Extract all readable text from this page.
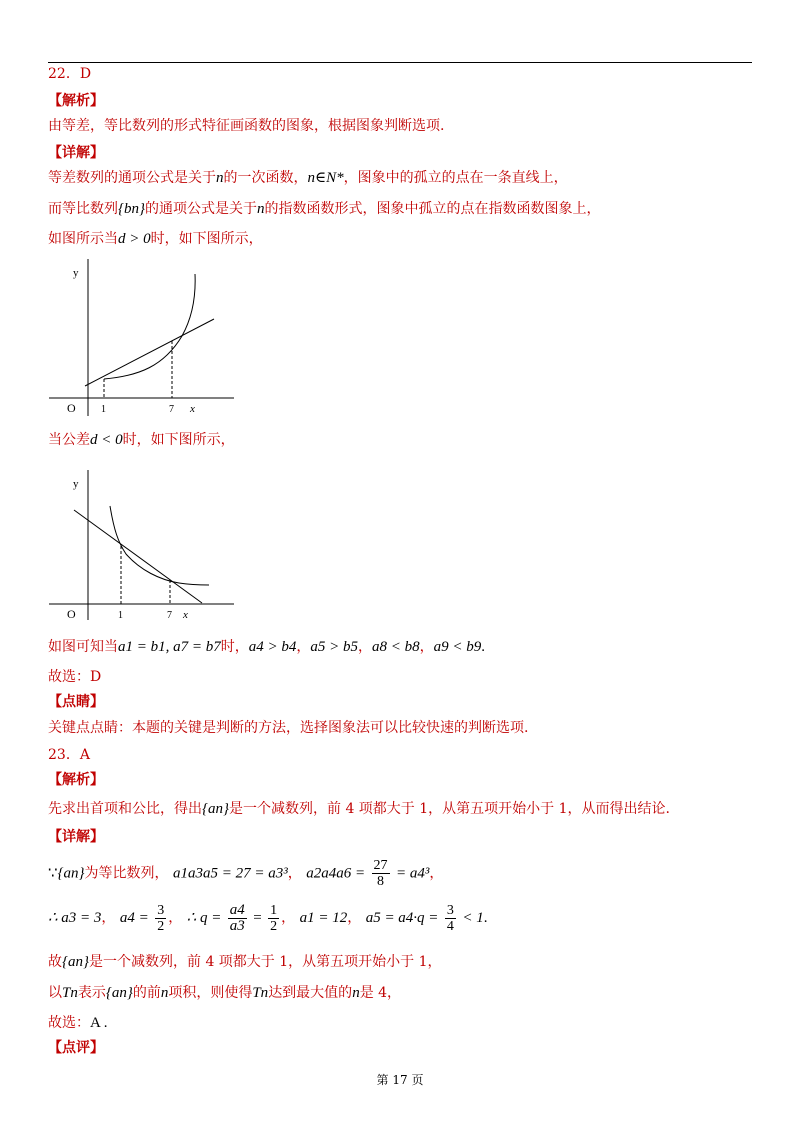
22．D
【解析】
由等差，等比数列的形式特征画函数的图象，根据图象判断选项.
【详解】
等差数列的通项公式是关于n的一次函数，n∈N*，图象中的孤立的点在一条直线上，
而等比数列{bn}的通项公式是关于n的指数函数形式，图象中孤立的点在指数函数图象上，
如图所示当d > 0时，如下图所示，
y
O	1	7 x
当公差d < 0时，如下图所示，
y
O	1	7 x
如图可知当a1 = b1, a7 = b7时，a4 > b4，a5 > b5，a8 < b8，a9 < b9.
故选：D
【点睛】
关键点点睛：本题的关键是判断的方法，选择图象法可以比较快速的判断选项.
23．A
【解析】
先求出首项和公比，得出{an}是一个减数列，前 4 项都大于 1，从第五项开始小于 1，从而得出结论.
【详解】
∵{an}为等比数列， a1a3a5 = 27 = a3³， $a2a4a6 = \frac{27}{8} = a4^3$，
∴ a3 = 3， $a4 = \frac{3}{2}$ ， ∴ $q = \frac{a4}{a3} = \frac{1}{2}$ ， a1 = 12， $a5 = a4\cdot q = \frac{3}{4} < 1$.
故{an}是一个减数列，前 4 项都大于 1，从第五项开始小于 1，
以Tn表示{an}的前n项积，则使得Tn达到最大值的n是 4，
故选：A .
【点评】
第 17 页
